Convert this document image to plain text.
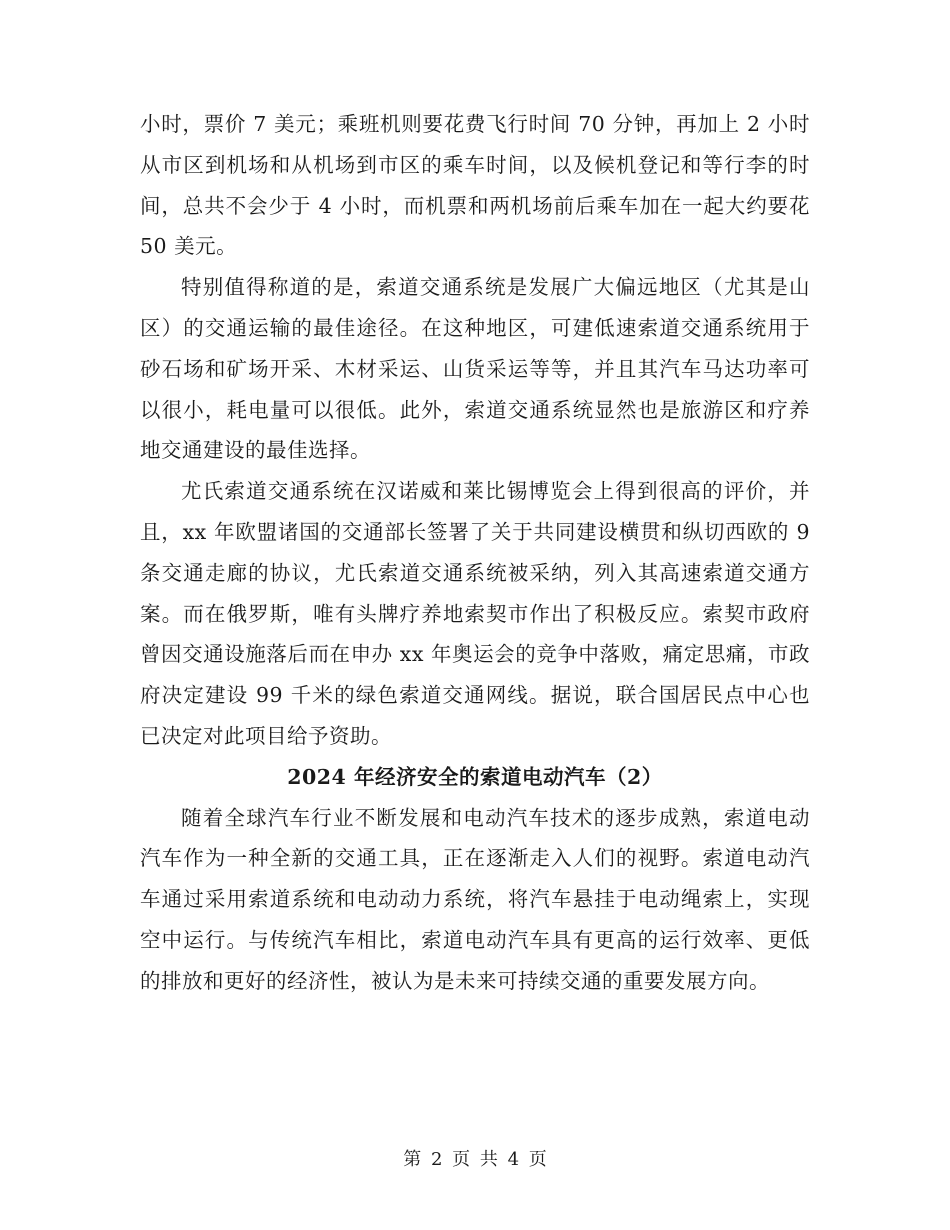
小时，票价 7 美元；乘班机则要花费飞行时间 70 分钟，再加上 2 小时从市区到机场和从机场到市区的乘车时间，以及候机登记和等行李的时间，总共不会少于 4 小时，而机票和两机场前后乘车加在一起大约要花 50 美元。

特别值得称道的是，索道交通系统是发展广大偏远地区（尤其是山区）的交通运输的最佳途径。在这种地区，可建低速索道交通系统用于砂石场和矿场开采、木材采运、山货采运等等，并且其汽车马达功率可以很小，耗电量可以很低。此外，索道交通系统显然也是旅游区和疗养地交通建设的最佳选择。

尤氏索道交通系统在汉诺威和莱比锡博览会上得到很高的评价，并且，xx 年欧盟诸国的交通部长签署了关于共同建设横贯和纵切西欧的 9 条交通走廊的协议，尤氏索道交通系统被采纳，列入其高速索道交通方案。而在俄罗斯，唯有头牌疗养地索契市作出了积极反应。索契市政府曾因交通设施落后而在申办 xx 年奥运会的竞争中落败，痛定思痛，市政府决定建设 99 千米的绿色索道交通网线。据说，联合国居民点中心也已决定对此项目给予资助。

2024 年经济安全的索道电动汽车（2）

随着全球汽车行业不断发展和电动汽车技术的逐步成熟，索道电动汽车作为一种全新的交通工具，正在逐渐走入人们的视野。索道电动汽车通过采用索道系统和电动动力系统，将汽车悬挂于电动绳索上，实现空中运行。与传统汽车相比，索道电动汽车具有更高的运行效率、更低的排放和更好的经济性，被认为是未来可持续交通的重要发展方向。

第 2 页 共 4 页
